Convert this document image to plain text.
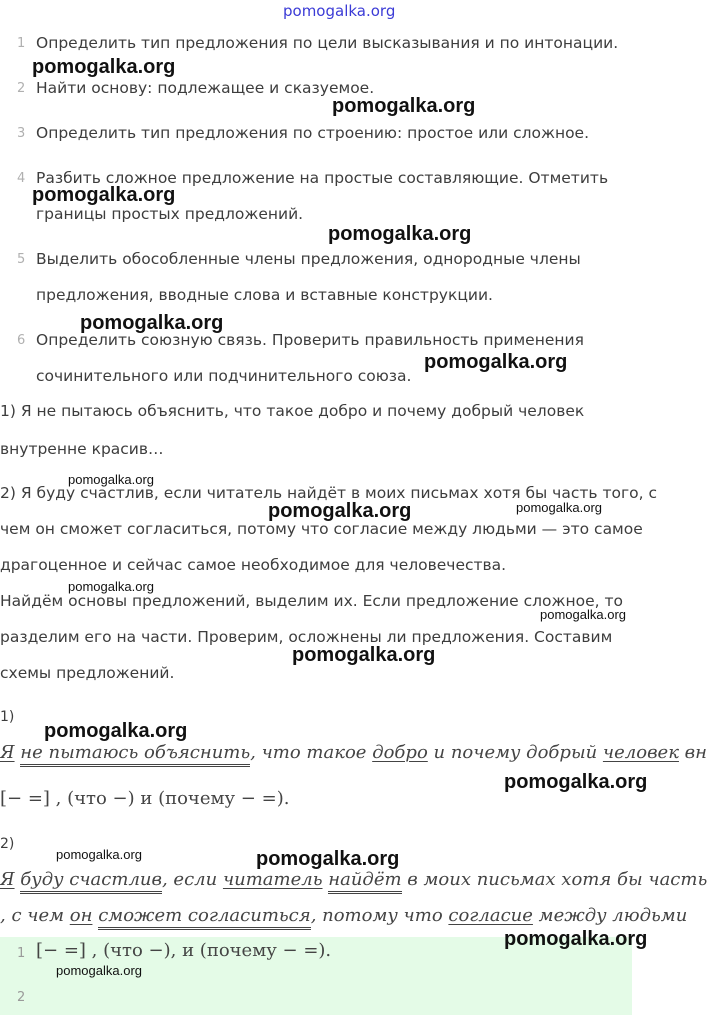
pomogalka.org
1 Определить тип предложения по цели высказывания и по интонации.
2 Найти основу: подлежащее и сказуемое.
3 Определить тип предложения по строению: простое или сложное.
4 Разбить сложное предложение на простые составляющие. Отметить
границы простых предложений.
5 Выделить обособленные члены предложения, однородные члены
предложения, вводные слова и вставные конструкции.
6 Определить союзную связь. Проверить правильность применения
сочинительного или подчинительного союза.
1) Я не пытаюсь объяснить, что такое добро и почему добрый человек
внутренне красив…
2) Я буду счастлив, если читатель найдёт в моих письмах хотя бы часть того, с
чем он сможет согласиться, потому что согласие между людьми — это самое
драгоценное и сейчас самое необходимое для человечества.
Найдём основы предложений, выделим их. Если предложение сложное, то
разделим его на части. Проверим, осложнены ли предложения. Составим
схемы предложений.
1)
Я не пытаюсь объяснить, что такое добро и почему добрый человек вн
[− =] , (что −) и (почему − =).
2)
Я буду счастлив, если читатель найдёт в моих письмах хотя бы часть
, с чем он сможет согласиться, потому что согласие между людьми
1 [− =] , (что −), и (почему − =).
2
pomogalka.org
pomogalka.org
pomogalka.org
pomogalka.org
pomogalka.org
pomogalka.org
pomogalka.org
pomogalka.org	pomogalka.org
pomogalka.org
pomogalka.org
pomogalka.org
pomogalka.org
pomogalka.org
pomogalka.org	pomogalka.org
pomogalka.org
pomogalka.org
